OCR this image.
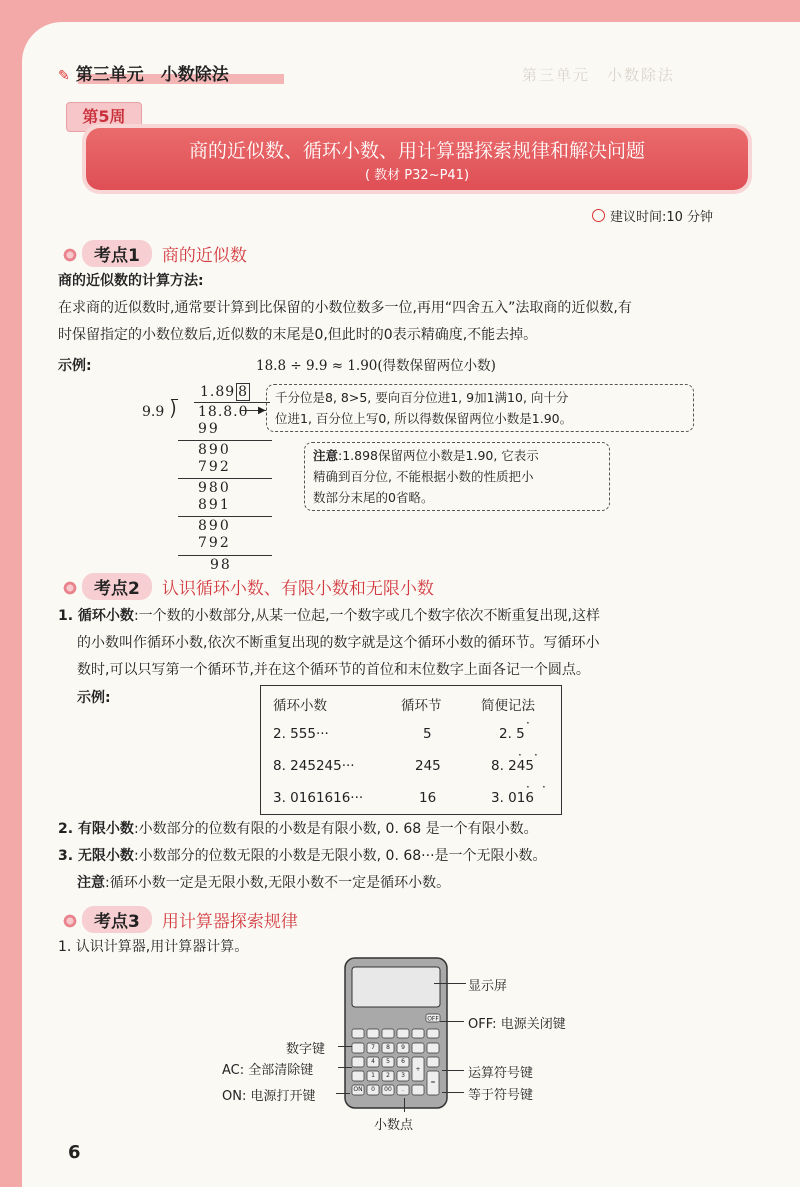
✎ 第三单元　小数除法	第三单元　小数除法
第5周
商的近似数、循环小数、用计算器探索规律和解决问题
( 教材 P32~P41)
建议时间:10 分钟
考点1 商的近似数
商的近似数的计算方法:
在求商的近似数时,通常要计算到比保留的小数位数多一位,再用“四舍五入”法取商的近似数,有
时保留指定的小数位数后,近似数的末尾是0,但此时的0表示精确度,不能去掉。
示例:	18.8 ÷ 9.9 ≈ 1.90(得数保留两位小数)
1.89 8
9.9 ⟌ 18.8.0
99
890
792
980
891
890
792
98
▶
千分位是8, 8>5, 要向百分位进1, 9加1满10, 向十分
位进1, 百分位上写0, 所以得数保留两位小数是1.90。
注意:1.898保留两位小数是1.90, 它表示
精确到百分位, 不能根据小数的性质把小
数部分末尾的0省略。
考点2 认识循环小数、有限小数和无限小数
1. 循环小数:一个数的小数部分,从某一位起,一个数字或几个数字依次不断重复出现,这样
的小数叫作循环小数,依次不断重复出现的数字就是这个循环小数的循环节。写循环小
数时,可以只写第一个循环节,并在这个循环节的首位和末位数字上面各记一个圆点。
示例:	循环小数	循环节	简便记法
2. 555···	5	2. 5
·
8. 245245···	245	8. 245
· ·
3. 0161616···	16	3. 016
· ·
2. 有限小数:小数部分的位数有限的小数是有限小数, 0. 68 是一个有限小数。
3. 无限小数:小数部分的位数无限的小数是无限小数, 0. 68···是一个无限小数。
注意:循环小数一定是无限小数,无限小数不一定是循环小数。
考点3 用计算器探索规律
1. 认识计算器,用计算器计算。
OFF
7 8 9
4 5 6
1 2 3
+
=
ON 0 00 .
显示屏
OFF: 电源关闭键
数字键
AC: 全部清除键	运算符号键
ON: 电源打开键	等于符号键
小数点
6
